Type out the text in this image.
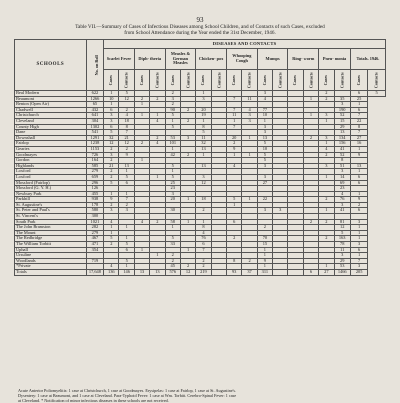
93
Table VII.—Summary of Cases of Infectious Diseases among School Children, and of Contacts of such Cases, excluded
from School Attendance during the Year ended the 31st December, 1946.
SCHOOLS	No. on Roll	DISEASES AND CONTACTS																	
		Scarlet Fever		Diph- theria		Measles & German Measles		Chicken- pox		Whooping Cough		Mumps		Ring- worm		Pneu- monia		Totals. 1946.	
		Cases	Contacts	Cases	Contacts	Cases	Contacts	Cases	Contacts	Cases	Contacts	Cases	Contacts	Cases	Contacts	Cases	Contacts	Cases	Contacts
Beal Modern	622	1	5			2		1				3				2		6	5
Beaumont	1266	10	12	2	2	3		3		7	11	4			1	2	35	25	
Benton (Open Air)	65	1		1		2											3	1	
Chadwell	432	6	2			90	2	20		7	4	77					190	6	
Christchurch	641	3	4	1	1	5		19		11	3	10			1	3	52	7	
Cleveland	304	3	18		4	1	2	1		1	3	1				1	15	22	
County High	1302	6	8			5		8		7		3					29	8	
Dane	541	5	7					5				3					13	7	
Downshall	1291	32	21		2	53	3	11		20	1	13			2	3	134	27	
Fairlop	1238	12	12	2	4	101		32		2		5				1	156	16	
Gearies	1153	2	2			1		13		9		10				4	41	1	
Goodmayes	726	3	9			42	2	1		1	1	5				2	52	9	
Gordon	164	2		1								5					8		
Highlands	585	21	13			5		13		4		3				3	51	13	
Loxford	279	2	1			1											3	1	
Loxford	659	2	5		1	5		3				3				1	14	6	
Mossford (Fairlop)	296	5	6			25		12				27					69	6	
Mossford (G. Y. H.)	126					23											23		
Newbury Park	455	1	1			3											4	1	
Parkhill	938	9	7			20	1	18		5	1	22				2	76	9	
St. Augustine's	178	2	2							1							3	2	
St. Peter and Paul's	580	3	3			30		2				3	3			1	41	6	
St. Vincent's	300																		
South Park	1021	4		4	2	58	1	1		6					2	2	81	3	
The John Bramston	282	1	1			1		8				2					12	1	
The Mount	279	1						4									5	1	
The Redbridge	467	5	1			5		76		2		70				2	163	1	
The William Torbitt	471	2	5			33		6				15					78	3	
Uphall	354		6	1			1	7				1					11	6	
Ursuline					1	2						1					3	1	
Woodlands	719		5			2		2		8	2	9					29	7	
*Private		4	1			45	2	2				1				1	53	3	
Totals	17,648	136	146	13	13	576	12	219		93	37	311			6	27	1466	205	
Acute Anterior Poliomyelitis: 1 case at Christchurch, 1 case at Goodmayes. Erysipelas: 1 case at Fairlop, 1 case at St. Augustine's.
Dysentery: 1 case at Beaumont, and 1 case at Cleveland. Para-Typhoid Fever: 1 case at Wm. Torbitt. Cerebro-Spinal Fever: 1 case
at Cleveland. * Notification of minor infectious diseases in these schools are not received.
